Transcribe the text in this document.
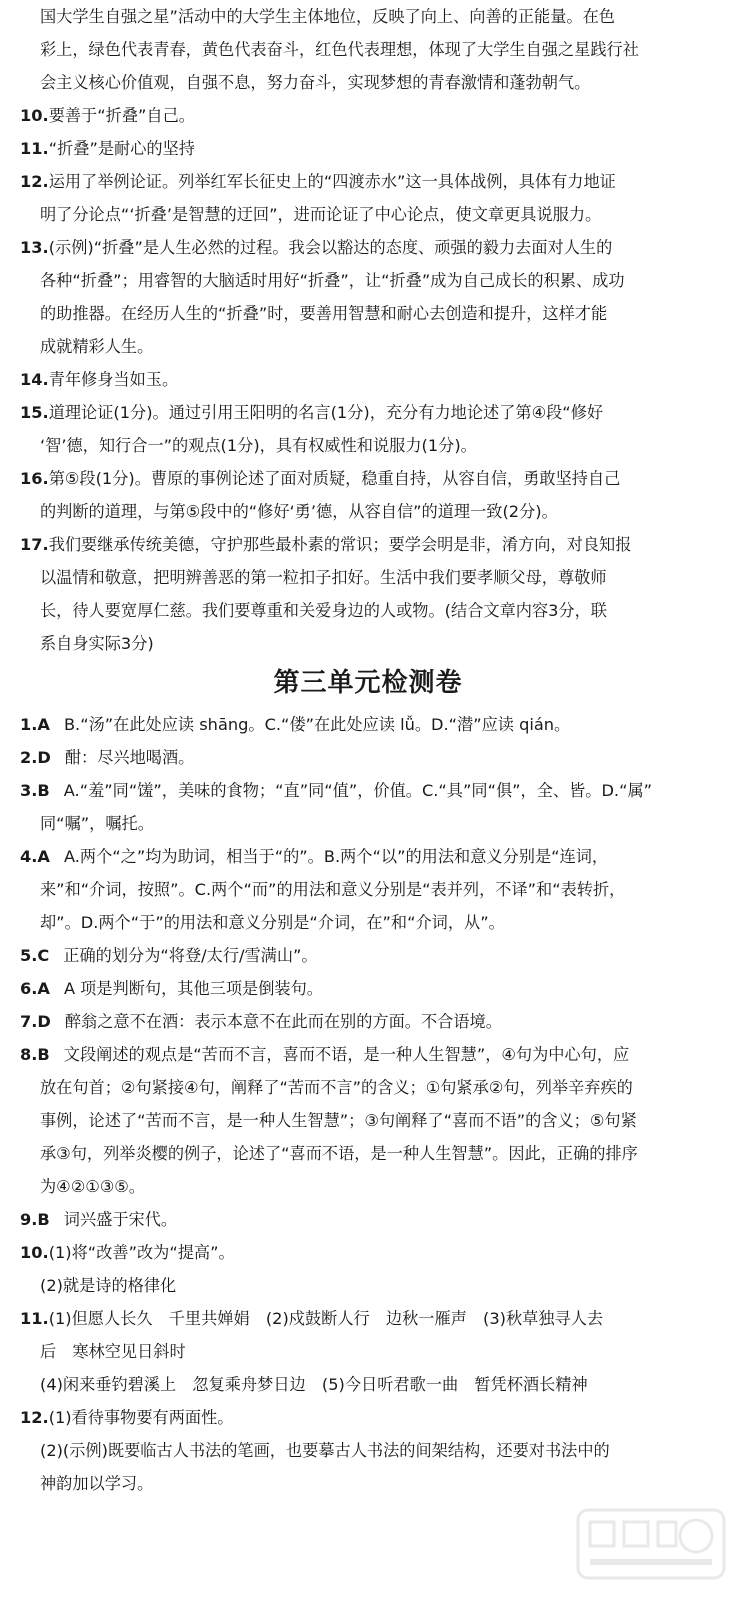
国大学生自强之星”活动中的大学生主体地位，反映了向上、向善的正能量。在色
彩上，绿色代表青春，黄色代表奋斗，红色代表理想，体现了大学生自强之星践行社
会主义核心价值观，自强不息，努力奋斗，实现梦想的青春激情和蓬勃朝气。
10.要善于“折叠”自己。
11.“折叠”是耐心的坚持
12.运用了举例论证。列举红军长征史上的“四渡赤水”这一具体战例，具体有力地证
明了分论点“‘折叠’是智慧的迂回”，进而论证了中心论点，使文章更具说服力。
13.(示例)“折叠”是人生必然的过程。我会以豁达的态度、顽强的毅力去面对人生的
各种“折叠”；用睿智的大脑适时用好“折叠”，让“折叠”成为自己成长的积累、成功
的助推器。在经历人生的“折叠”时，要善用智慧和耐心去创造和提升，这样才能
成就精彩人生。
14.青年修身当如玉。
15.道理论证(1分)。通过引用王阳明的名言(1分)，充分有力地论述了第④段“修好
‘智’德，知行合一”的观点(1分)，具有权威性和说服力(1分)。
16.第⑤段(1分)。曹原的事例论述了面对质疑，稳重自持，从容自信，勇敢坚持自己
的判断的道理，与第⑤段中的“修好‘勇’德，从容自信”的道理一致(2分)。
17.我们要继承传统美德，守护那些最朴素的常识；要学会明是非，淆方向，对良知报
以温情和敬意，把明辨善恶的第一粒扣子扣好。生活中我们要孝顺父母，尊敬师
长，待人要宽厚仁慈。我们要尊重和关爱身边的人或物。(结合文章内容3分，联
系自身实际3分)
第三单元检测卷
1.A B.“汤”在此处应读 shāng。C.“偻”在此处应读 lǚ。D.“潜”应读 qián。
2.D 酣：尽兴地喝酒。
3.B A.“羞”同“馐”，美味的食物；“直”同“值”，价值。C.“具”同“俱”，全、皆。D.“属”
同“嘱”，嘱托。
4.A A.两个“之”均为助词，相当于“的”。B.两个“以”的用法和意义分别是“连词，
来”和“介词，按照”。C.两个“而”的用法和意义分别是“表并列，不译”和“表转折，
却”。D.两个“于”的用法和意义分别是“介词，在”和“介词，从”。
5.C 正确的划分为“将登/太行/雪满山”。
6.A A 项是判断句，其他三项是倒装句。
7.D 醉翁之意不在酒：表示本意不在此而在别的方面。不合语境。
8.B 文段阐述的观点是“苦而不言，喜而不语，是一种人生智慧”，④句为中心句，应
放在句首；②句紧接④句，阐释了“苦而不言”的含义；①句紧承②句，列举辛弃疾的
事例，论述了“苦而不言，是一种人生智慧”；③句阐释了“喜而不语”的含义；⑤句紧
承③句，列举炎樱的例子，论述了“喜而不语，是一种人生智慧”。因此，正确的排序
为④②①③⑤。
9.B 词兴盛于宋代。
10.(1)将“改善”改为“提高”。
(2)就是诗的格律化
11.(1)但愿人长久　千里共婵娟　(2)戍鼓断人行　边秋一雁声　(3)秋草独寻人去
后　寒林空见日斜时
(4)闲来垂钓碧溪上　忽复乘舟梦日边　(5)今日听君歌一曲　暂凭杯酒长精神
12.(1)看待事物要有两面性。
(2)(示例)既要临古人书法的笔画，也要摹古人书法的间架结构，还要对书法中的
神韵加以学习。
